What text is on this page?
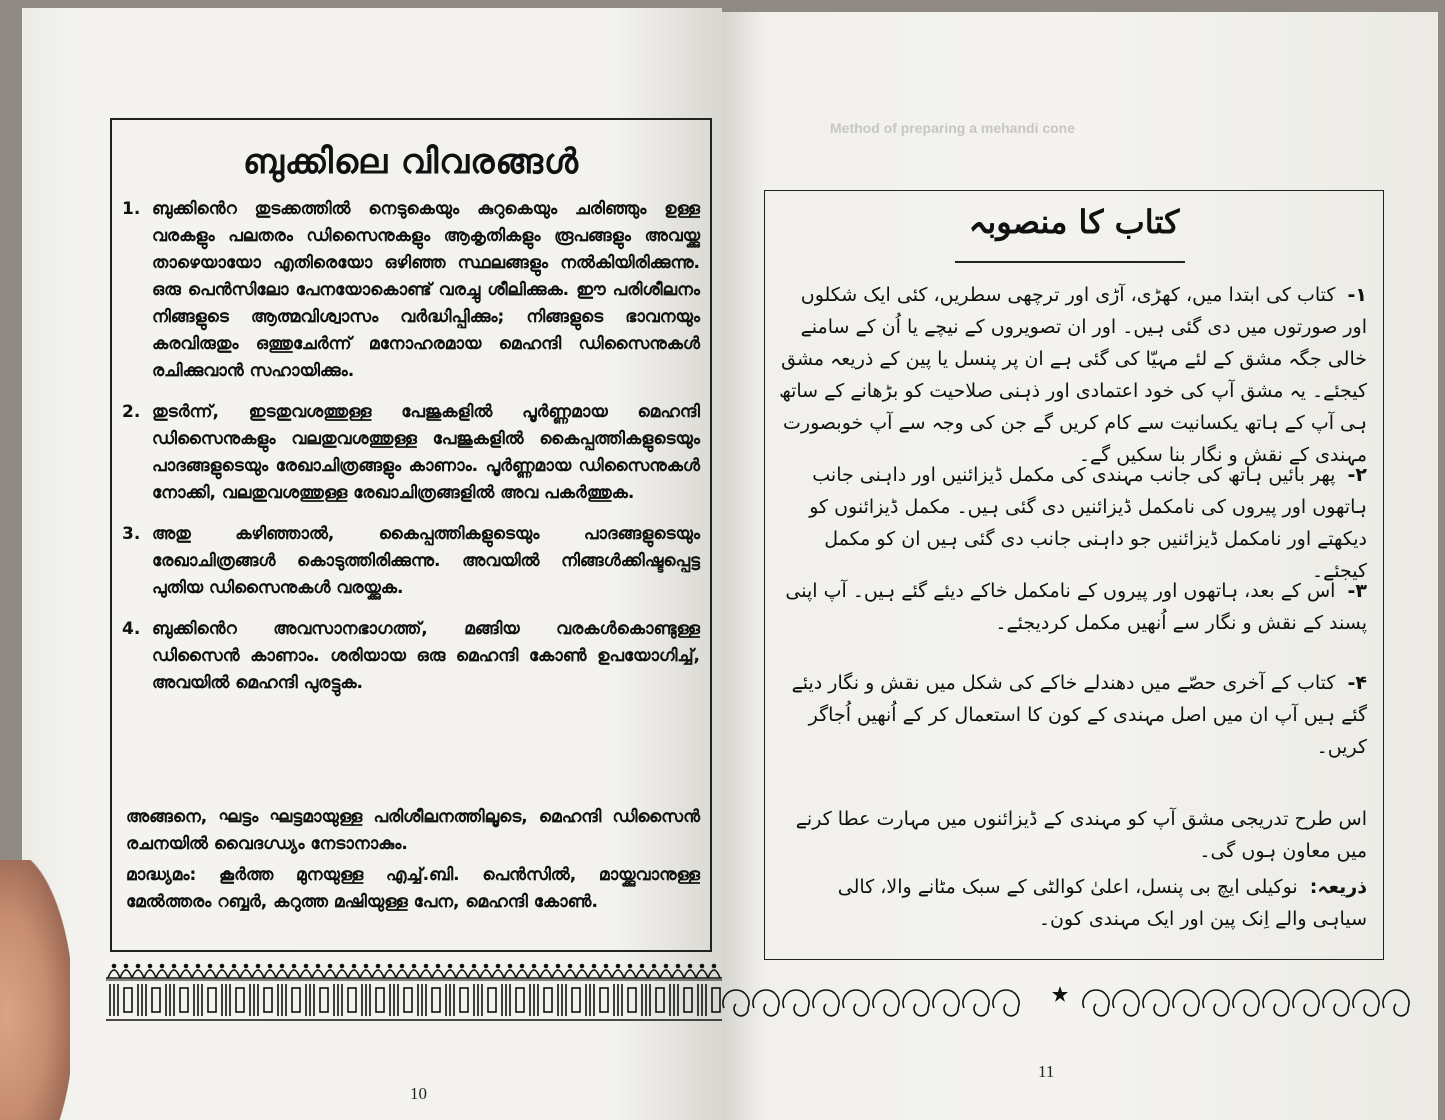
ബുക്കിലെ വിവരങ്ങൾ
1. ബുക്കിൻെറ തുടക്കത്തിൽ നെടുകെയും കുറുകെയും ചരിഞ്ഞും ഉള്ള വരകളും പലതരം ഡിസൈനുകളും ആകൃതികളും രൂപങ്ങളും അവയ്ക്കു താഴെയായോ എതിരെയോ ഒഴിഞ്ഞ സ്ഥലങ്ങളും നൽകിയിരിക്കുന്നു. ഒരു പെൻസിലോ പേനയോകൊണ്ട് വരച്ചു ശീലിക്കുക. ഈ പരിശീലനം നിങ്ങളുടെ ആത്മവിശ്വാസം വർദ്ധിപ്പിക്കും; നിങ്ങളുടെ ഭാവനയും കരവിരുതും ഒത്തുചേർന്ന് മനോഹരമായ മെഹന്ദി ഡിസൈനുകൾ രചിക്കുവാൻ സഹായിക്കും.
2. തുടർന്ന്, ഇടതുവശത്തുള്ള പേജുകളിൽ പൂർണ്ണമായ മെഹന്ദി ഡിസൈനുകളും വലതുവശത്തുള്ള പേജുകളിൽ കൈപ്പത്തികളുടെയും പാദങ്ങളുടെയും രേഖാചിത്രങ്ങളും കാണാം. പൂർണ്ണമായ ഡിസൈനുകൾ നോക്കി, വലതുവശത്തുള്ള രേഖാചിത്രങ്ങളിൽ അവ പകർത്തുക.
3. അതു കഴിഞ്ഞാൽ, കൈപ്പത്തികളുടെയും പാദങ്ങളുടെയും രേഖാചിത്രങ്ങൾ കൊടുത്തിരിക്കുന്നു. അവയിൽ നിങ്ങൾക്കിഷ്ടപ്പെട്ട പുതിയ ഡിസൈനുകൾ വരയ്ക്കുക.
4. ബുക്കിൻെറ അവസാനഭാഗത്ത്, മങ്ങിയ വരകൾകൊണ്ടുള്ള ഡിസൈൻ കാണാം. ശരിയായ ഒരു മെഹന്ദി കോൺ ഉപയോഗിച്ച്, അവയിൽ മെഹന്ദി പുരട്ടുക.
അങ്ങനെ, ഘട്ടം ഘട്ടമായുള്ള പരിശീലനത്തിലൂടെ, മെഹന്ദി ഡിസൈൻ രചനയിൽ വൈദഗ്ധ്യം നേടാനാകും.
മാദ്ധ്യമം: കൂർത്ത മുനയുള്ള എച്ച്.ബി. പെൻസിൽ, മായ്ക്കുവാനുള്ള മേൽത്തരം റബ്ബർ, കറുത്ത മഷിയുള്ള പേന, മെഹന്ദി കോൺ.
10
Method of preparing a mehandi cone
کتاب کا منصوبہ
۱- کتاب کی ابتدا میں، کھڑی، آڑی اور ترچھی سطریں، کئی ایک شکلوں اور صورتوں میں دی گئی ہیں۔ اور ان تصویروں کے نیچے یا اُن کے سامنے خالی جگہ مشق کے لئے مہیّا کی گئی ہے ان پر پنسل یا پین کے ذریعہ مشق کیجئے۔ یہ مشق آپ کی خود اعتمادی اور ذہنی صلاحیت کو بڑھانے کے ساتھ ہی آپ کے ہاتھ یکسانیت سے کام کریں گے جن کی وجہ سے آپ خوبصورت مہندی کے نقش و نگار بنا سکیں گے۔
۲- پھر بائیں ہاتھ کی جانب مہندی کی مکمل ڈیزائنیں اور داہنی جانب ہاتھوں اور پیروں کی نامکمل ڈیزائنیں دی گئی ہیں۔ مکمل ڈیزائنوں کو دیکھتے اور نامکمل ڈیزائنیں جو داہنی جانب دی گئی ہیں ان کو مکمل کیجئے۔
۳- اس کے بعد، ہاتھوں اور پیروں کے نامکمل خاکے دیئے گئے ہیں۔ آپ اپنی پسند کے نقش و نگار سے اُنھیں مکمل کردیجئے۔
۴- کتاب کے آخری حصّے میں دھندلے خاکے کی شکل میں نقش و نگار دیئے گئے ہیں آپ ان میں اصل مہندی کے کون کا استعمال کر کے اُنھیں اُجاگر کریں۔
اس طرح تدریجی مشق آپ کو مہندی کے ڈیزائنوں میں مہارت عطا کرنے میں معاون ہوں گی۔
ذریعہ: نوکیلی ایچ بی پنسل، اعلیٰ کوالٹی کے سبک مٹانے والا، کالی سیاہی والے اِنک پین اور ایک مہندی کون۔
11
